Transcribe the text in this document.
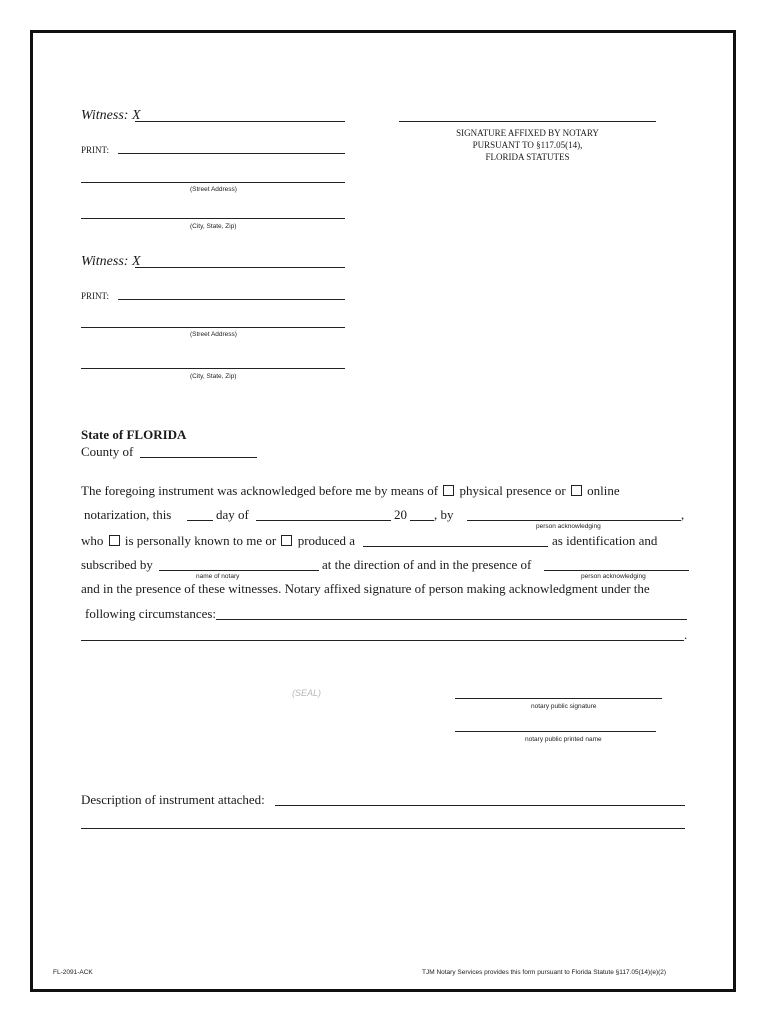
Witness: X
PRINT:
(Street Address)
(City, State, Zip)
SIGNATURE AFFIXED BY NOTARY
PURSUANT TO §117.05(14),
FLORIDA STATUTES
Witness: X
PRINT:
(Street Address)
(City, State, Zip)
State of FLORIDA
County of
The foregoing instrument was acknowledged before me by means of physical presence or online
notarization, this	day of	20 , by	,
person acknowledging
who is personally known to me or produced a	as identification and
subscribed by	at the direction of and in the presence of
name of notary	person acknowledging
and in the presence of these witnesses. Notary affixed signature of person making acknowledgment under the
following circumstances:
.
(SEAL)
notary public signature
notary public printed name
Description of instrument attached:
FL-2091-ACK	TJM Notary Services provides this form pursuant to Florida Statute §117.05(14)(e)(2)
